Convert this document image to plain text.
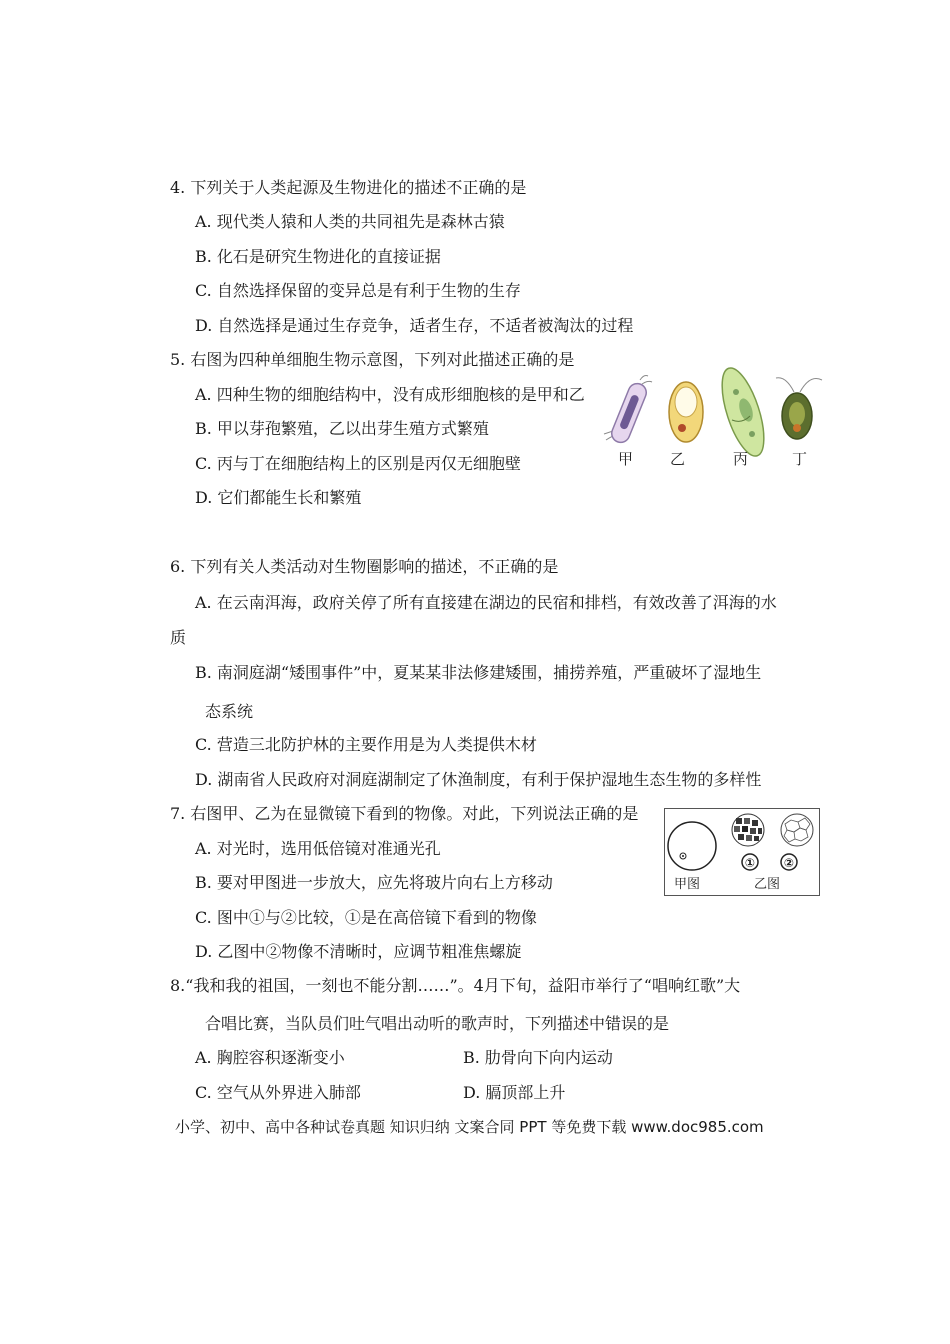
4. 下列关于人类起源及生物进化的描述不正确的是
A. 现代类人猿和人类的共同祖先是森林古猿
B. 化石是研究生物进化的直接证据
C. 自然选择保留的变异总是有利于生物的生存
D. 自然选择是通过生存竞争，适者生存，不适者被淘汰的过程
5. 右图为四种单细胞生物示意图，下列对此描述正确的是
A. 四种生物的细胞结构中，没有成形细胞核的是甲和乙
B. 甲以芽孢繁殖，乙以出芽生殖方式繁殖
C. 丙与丁在细胞结构上的区别是丙仅无细胞壁
D. 它们都能生长和繁殖
甲 乙	丙	丁
6. 下列有关人类活动对生物圈影响的描述，不正确的是
A. 在云南洱海，政府关停了所有直接建在湖边的民宿和排档，有效改善了洱海的水
质
B. 南洞庭湖“矮围事件”中，夏某某非法修建矮围，捕捞养殖，严重破坏了湿地生
态系统
C. 营造三北防护林的主要作用是为人类提供木材
D. 湖南省人民政府对洞庭湖制定了休渔制度，有利于保护湿地生态生物的多样性
7. 右图甲、乙为在显微镜下看到的物像。对此，下列说法正确的是
A. 对光时，选用低倍镜对准通光孔
B. 要对甲图进一步放大，应先将玻片向右上方移动
C. 图中①与②比较，①是在高倍镜下看到的物像
D. 乙图中②物像不清晰时，应调节粗准焦螺旋
① ②
甲图	乙图
8.“我和我的祖国，一刻也不能分割……”。4月下旬，益阳市举行了“唱响红歌”大
合唱比赛，当队员们吐气唱出动听的歌声时，下列描述中错误的是
A. 胸腔容积逐渐变小	B. 肋骨向下向内运动
C. 空气从外界进入肺部	D. 膈顶部上升
小学、初中、高中各种试卷真题 知识归纳 文案合同 PPT 等免费下载 www.doc985.com
